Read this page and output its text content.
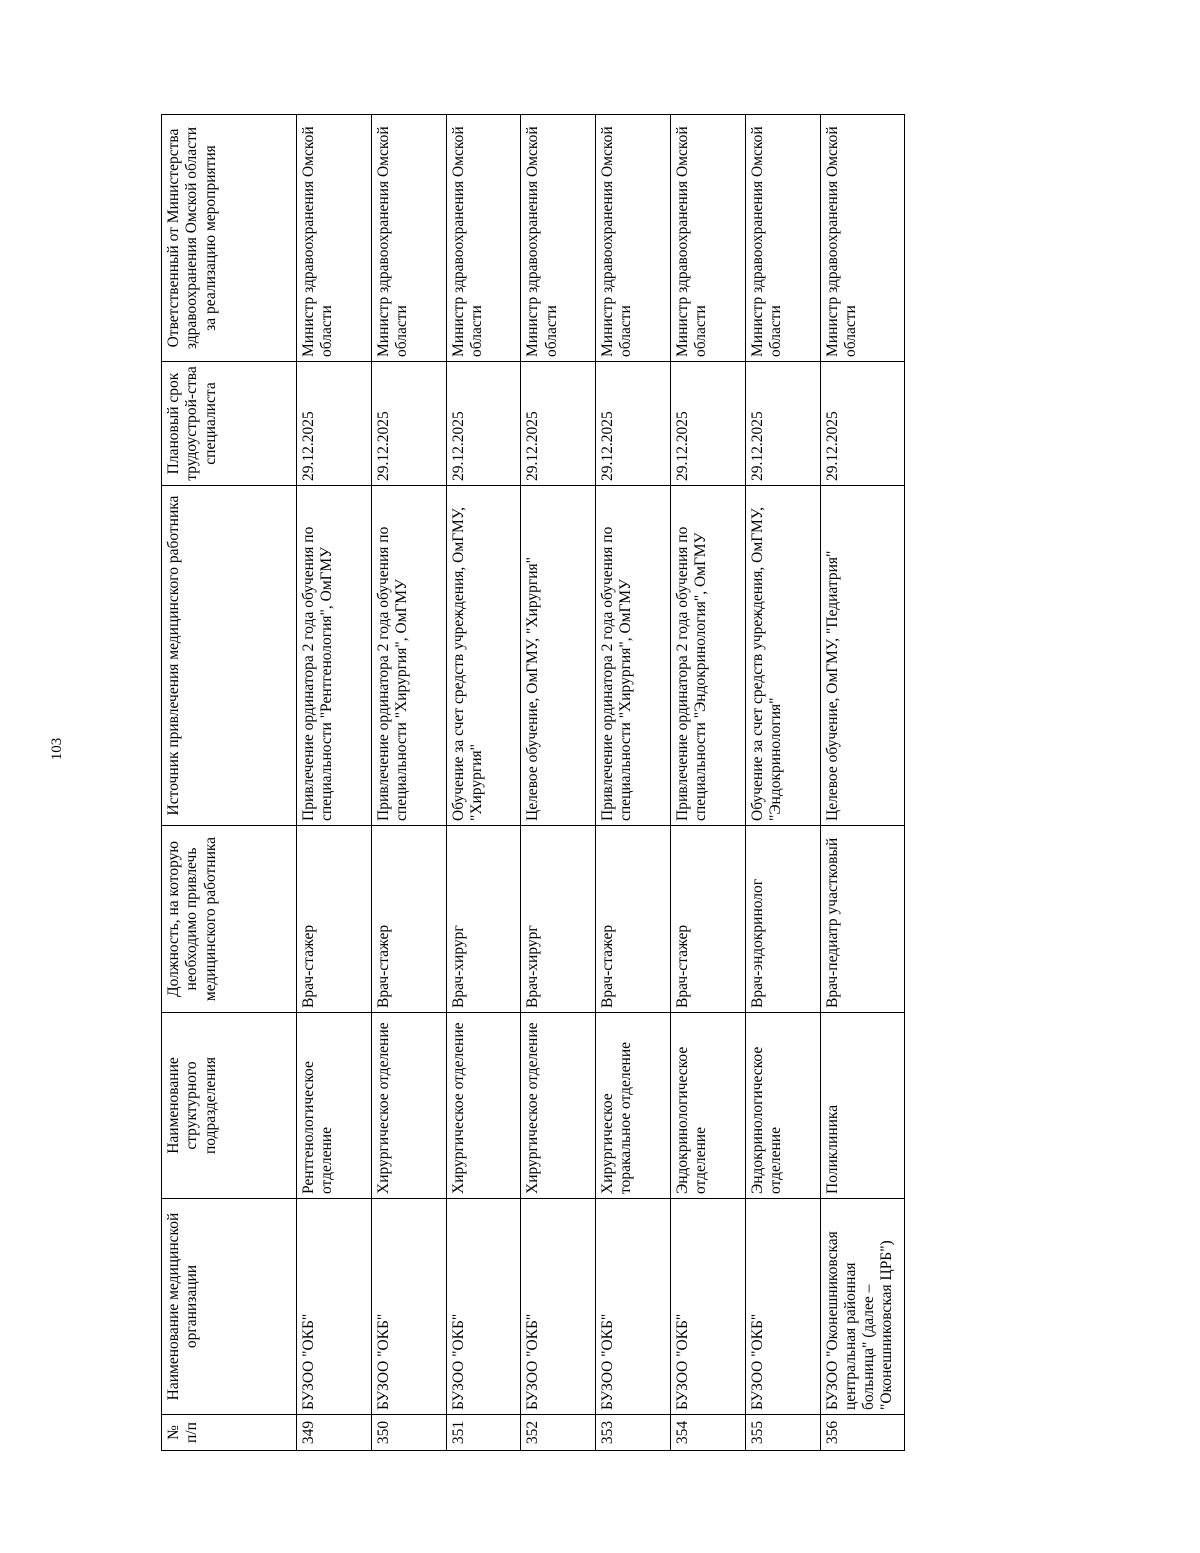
103
№ п/п	Наименование медицинской организации	Наименование структурного подразделения	Должность, на которую необходимо привлечь медицинского работника	Источник привлечения медицинского работника	Плановый срок трудоустрой-ства специалиста	Ответственный от Министерства здравоохранения Омской области за реализацию мероприятия
349	БУЗОО "ОКБ"	Рентгенологическое отделение	Врач-стажер	Привлечение ординатора 2 года обучения по специальности "Рентгенология", ОмГМУ	29.12.2025	Министр здравоохранения Омской области
350	БУЗОО "ОКБ"	Хирургическое отделение	Врач-стажер	Привлечение ординатора 2 года обучения по специальности "Хирургия", ОмГМУ	29.12.2025	Министр здравоохранения Омской области
351	БУЗОО "ОКБ"	Хирургическое отделение	Врач-хирург	Обучение за счет средств учреждения, ОмГМУ, "Хирургия"	29.12.2025	Министр здравоохранения Омской области
352	БУЗОО "ОКБ"	Хирургическое отделение	Врач-хирург	Целевое обучение, ОмГМУ, "Хирургия"	29.12.2025	Министр здравоохранения Омской области
353	БУЗОО "ОКБ"	Хирургическое торакальное отделение	Врач-стажер	Привлечение ординатора 2 года обучения по специальности "Хирургия", ОмГМУ	29.12.2025	Министр здравоохранения Омской области
354	БУЗОО "ОКБ"	Эндокринологическое отделение	Врач-стажер	Привлечение ординатора 2 года обучения по специальности "Эндокринология", ОмГМУ	29.12.2025	Министр здравоохранения Омской области
355	БУЗОО "ОКБ"	Эндокринологическое отделение	Врач-эндокринолог	Обучение за счет средств учреждения, ОмГМУ, "Эндокринология"	29.12.2025	Министр здравоохранения Омской области
356	БУЗОО "Оконешниковская центральная районная больница" (далее – "Оконешниковская ЦРБ")	Поликлиника	Врач-педиатр участковый	Целевое обучение, ОмГМУ, "Педиатрия"	29.12.2025	Министр здравоохранения Омской области
